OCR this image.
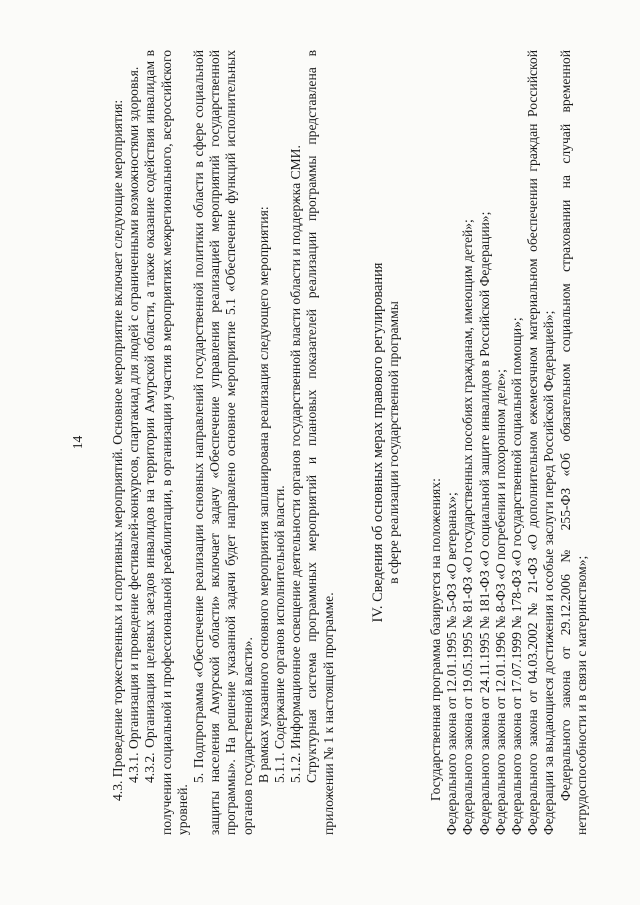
14 4.3. Проведение торжественных и спортивных мероприятий. Основное мероприятие включает следующие мероприятия: 4.3.1. Организация и проведение фестивалей-конкурсов, спартакиад для людей с ограниченными возможностями здоровья. 4.3.2. Организация целевых заездов инвалидов на территории Амурской области, а также оказание содействия инвалидам в получении социальной и профессиональной реабилитации, в организации участия в мероприятиях межрегионального, всероссийского уровней.

5. Подпрограмма «Обеспечение реализации основных направлений государственной политики области в сфере социальной защиты населения Амурской области» включает задачу «Обеспечение управления реализацией мероприятий государственной программы». На решение указанной задачи будет направлено основное мероприятие 5.1 «Обеспечение функций исполнительных органов государственной власти». В рамках указанного основного мероприятия запланирована реализация следующего мероприятия: 5.1.1. Содержание органов исполнительной власти. 5.1.2. Информационное освещение деятельности органов государственной власти области и поддержка СМИ. Структурная система программных мероприятий и плановых показателей реализации программы представлена в приложении № 1 к настоящей программе.

IV. Сведения об основных мерах правового регулирования в сфере реализации государственной программы

Государственная программа базируется на положениях: Федерального закона от 12.01.1995 № 5-ФЗ «О ветеранах»; Федерального закона от 19.05.1995 № 81-ФЗ «О государственных пособиях гражданам, имеющим детей»; Федерального закона от 24.11.1995 № 181-ФЗ «О социальной защите инвалидов в Российской Федерации»; Федерального закона от 12.01.1996 № 8-ФЗ «О погребении и похоронном деле»; Федерального закона от 17.07.1999 № 178-ФЗ «О государственной социальной помощи»; Федерального закона от 04.03.2002 № 21-ФЗ «О дополнительном ежемесячном материальном обеспечении граждан Российской Федерации за выдающиеся достижения и особые заслуги перед Российской Федерацией»; Федерального закона от 29.12.2006 № 255-ФЗ «Об обязательном социальном страховании на случай временной нетрудоспособности и в связи с материнством»;
